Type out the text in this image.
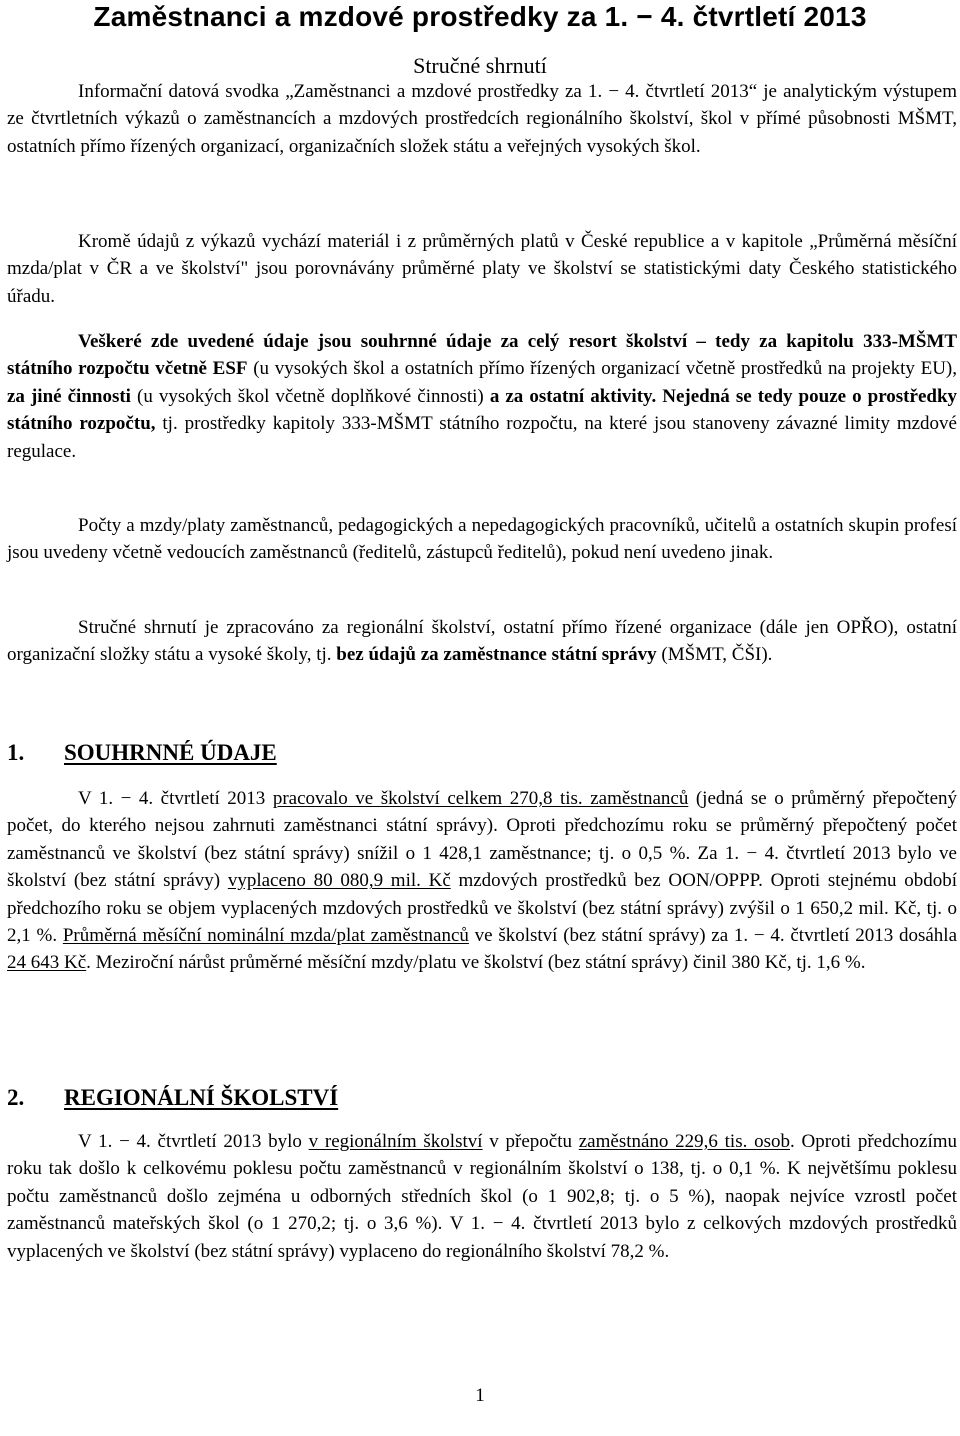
Zaměstnanci a mzdové prostředky za 1. − 4. čtvrtletí 2013
Stručné shrnutí

Informační datová svodka „Zaměstnanci a mzdové prostředky za 1. − 4. čtvrtletí 2013“ je analytickým výstupem ze čtvrtletních výkazů o zaměstnancích a mzdových prostředcích regionálního školství, škol v přímé působnosti MŠMT, ostatních přímo řízených organizací, organizačních složek státu a veřejných vysokých škol.

Kromě údajů z výkazů vychází materiál i z průměrných platů v České republice a v kapitole „Průměrná měsíční mzda/plat v ČR a ve školství" jsou porovnávány průměrné platy ve školství se statistickými daty Českého statistického úřadu.

Veškeré zde uvedené údaje jsou souhrnné údaje za celý resort školství – tedy za kapitolu 333-MŠMT státního rozpočtu včetně ESF (u vysokých škol a ostatních přímo řízených organizací včetně prostředků na projekty EU), za jiné činnosti (u vysokých škol včetně doplňkové činnosti) a za ostatní aktivity. Nejedná se tedy pouze o prostředky státního rozpočtu, tj. prostředky kapitoly 333-MŠMT státního rozpočtu, na které jsou stanoveny závazné limity mzdové regulace.

Počty a mzdy/platy zaměstnanců, pedagogických a nepedagogických pracovníků, učitelů a ostatních skupin profesí jsou uvedeny včetně vedoucích zaměstnanců (ředitelů, zástupců ředitelů), pokud není uvedeno jinak.

Stručné shrnutí je zpracováno za regionální školství, ostatní přímo řízené organizace (dále jen OPŘO), ostatní organizační složky státu a vysoké školy, tj. bez údajů za zaměstnance státní správy (MŠMT, ČŠI).

1. SOUHRNNÉ ÚDAJE

V 1. − 4. čtvrtletí 2013 pracovalo ve školství celkem 270,8 tis. zaměstnanců (jedná se o průměrný přepočtený počet, do kterého nejsou zahrnuti zaměstnanci státní správy). Oproti předchozímu roku se průměrný přepočtený počet zaměstnanců ve školství (bez státní správy) snížil o 1 428,1 zaměstnance; tj. o 0,5 %. Za 1. − 4. čtvrtletí 2013 bylo ve školství (bez státní správy) vyplaceno 80 080,9 mil. Kč mzdových prostředků bez OON/OPPP. Oproti stejnému období předchozího roku se objem vyplacených mzdových prostředků ve školství (bez státní správy) zvýšil o 1 650,2 mil. Kč, tj. o 2,1 %. Průměrná měsíční nominální mzda/plat zaměstnanců ve školství (bez státní správy) za 1. − 4. čtvrtletí 2013 dosáhla 24 643 Kč. Meziroční nárůst průměrné měsíční mzdy/platu ve školství (bez státní správy) činil 380 Kč, tj. 1,6 %.

2. REGIONÁLNÍ ŠKOLSTVÍ

V 1. − 4. čtvrtletí 2013 bylo v regionálním školství v přepočtu zaměstnáno 229,6 tis. osob. Oproti předchozímu roku tak došlo k celkovému poklesu počtu zaměstnanců v regionálním školství o 138, tj. o 0,1 %. K největšímu poklesu počtu zaměstnanců došlo zejména u odborných středních škol (o 1 902,8; tj. o 5 %), naopak nejvíce vzrostl počet zaměstnanců mateřských škol (o 1 270,2; tj. o 3,6 %). V 1. − 4. čtvrtletí 2013 bylo z celkových mzdových prostředků vyplacených ve školství (bez státní správy) vyplaceno do regionálního školství 78,2 %.

1
